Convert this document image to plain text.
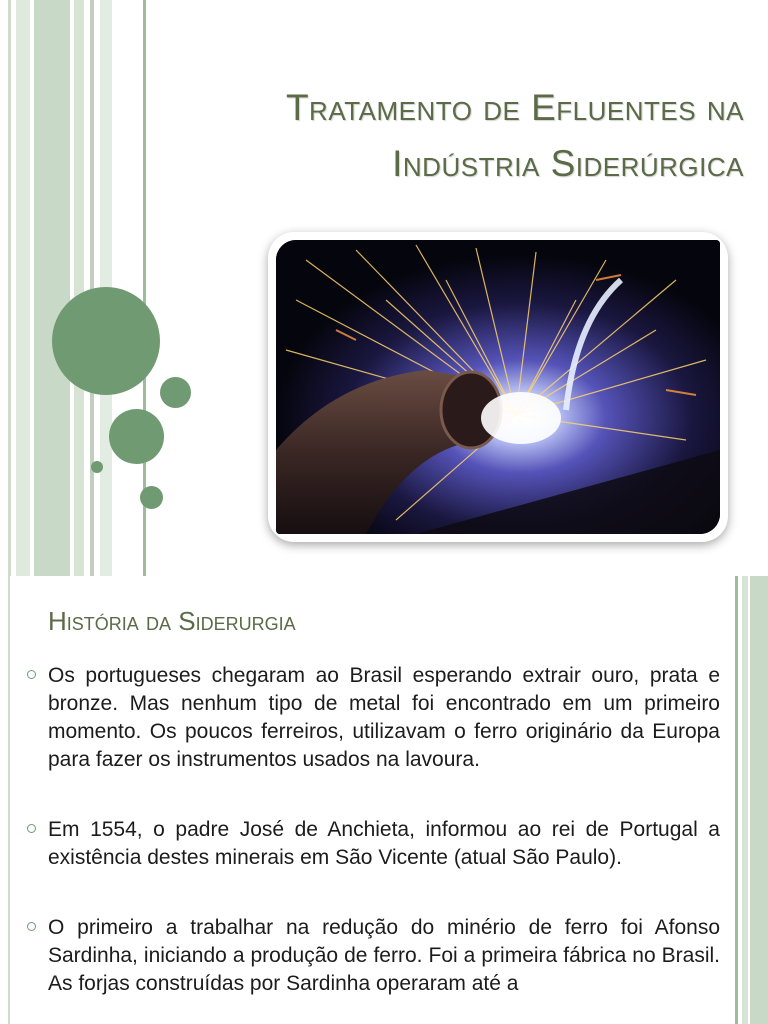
Tratamento de Efluentes na
Indústria Siderúrgica
História da Siderurgia
Os portugueses chegaram ao Brasil esperando extrair ouro, prata e bronze. Mas nenhum tipo de metal foi encontrado em um primeiro momento. Os poucos ferreiros, utilizavam o ferro originário da Europa para fazer os instrumentos usados na lavoura.
Em 1554, o padre José de Anchieta, informou ao rei de Portugal a existência destes minerais em São Vicente (atual São Paulo).
O primeiro a trabalhar na redução do minério de ferro foi Afonso Sardinha, iniciando a produção de ferro. Foi a primeira fábrica no Brasil. As forjas construídas por Sardinha operaram até a
